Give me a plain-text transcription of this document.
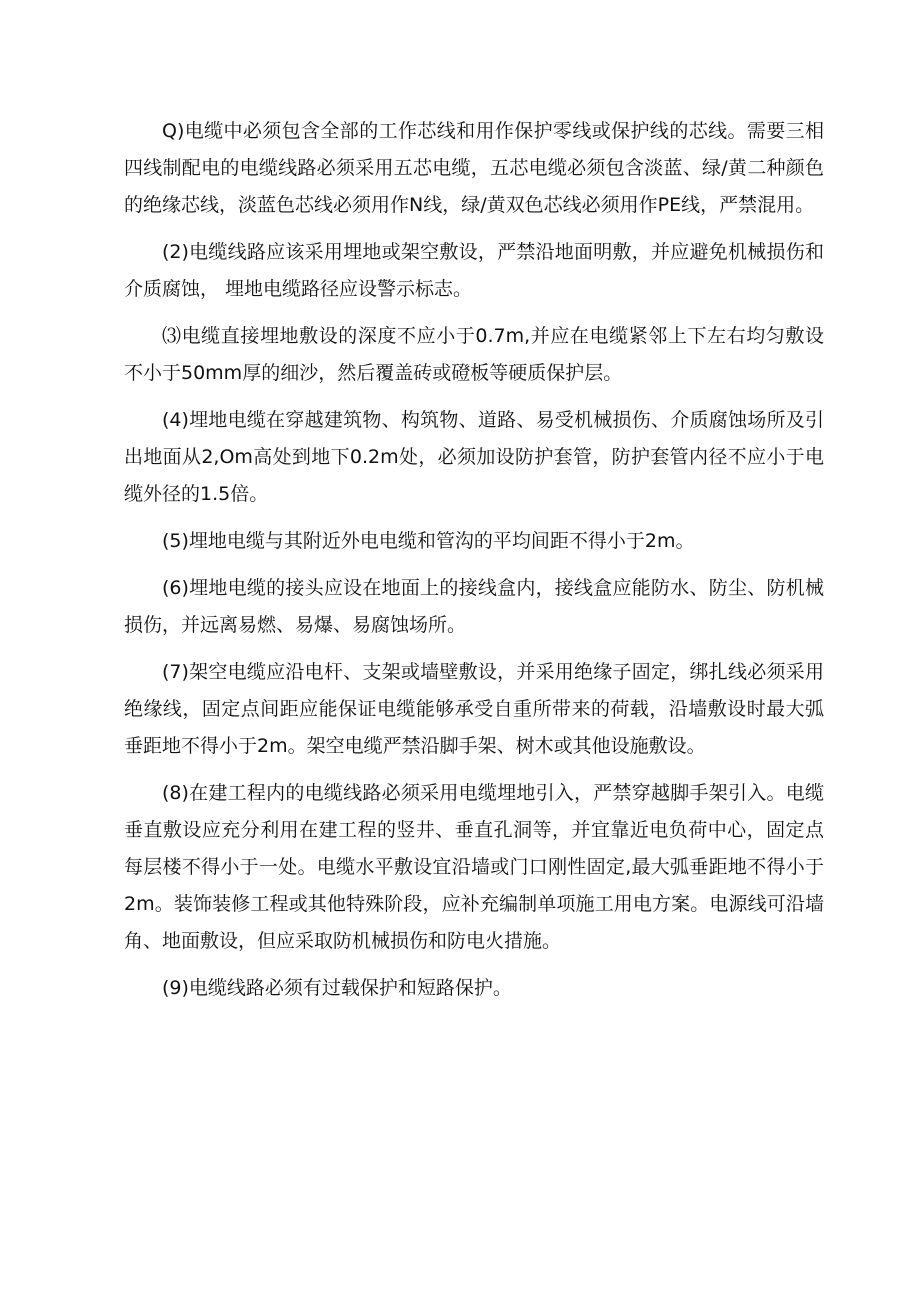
Q)电缆中必须包含全部的工作芯线和用作保护零线或保护线的芯线。需要三相四线制配电的电缆线路必须采用五芯电缆，五芯电缆必须包含淡蓝、绿/黄二种颜色的绝缘芯线，淡蓝色芯线必须用作N线，绿/黄双色芯线必须用作PE线，严禁混用。

(2)电缆线路应该采用埋地或架空敷设，严禁沿地面明敷，并应避免机械损伤和介质腐蚀， 埋地电缆路径应设警示标志。

⑶电缆直接埋地敷设的深度不应小于0.7m,并应在电缆紧邻上下左右均匀敷设不小于50mm厚的细沙，然后覆盖砖或磴板等硬质保护层。

(4)埋地电缆在穿越建筑物、构筑物、道路、易受机械损伤、介质腐蚀场所及引出地面从2,Om高处到地下0.2m处，必须加设防护套管，防护套管内径不应小于电缆外径的1.5倍。

(5)埋地电缆与其附近外电电缆和管沟的平均间距不得小于2m。

(6)埋地电缆的接头应设在地面上的接线盒内，接线盒应能防水、防尘、防机械损伤，并远离易燃、易爆、易腐蚀场所。

(7)架空电缆应沿电杆、支架或墙壁敷设，并采用绝缘子固定，绑扎线必须采用绝缘线，固定点间距应能保证电缆能够承受自重所带来的荷载，沿墙敷设时最大弧垂距地不得小于2m。架空电缆严禁沿脚手架、树木或其他设施敷设。

(8)在建工程内的电缆线路必须采用电缆埋地引入，严禁穿越脚手架引入。电缆垂直敷设应充分利用在建工程的竖井、垂直孔洞等，并宜靠近电负荷中心，固定点每层楼不得小于一处。电缆水平敷设宜沿墙或门口刚性固定,最大弧垂距地不得小于2m。装饰装修工程或其他特殊阶段，应补充编制单项施工用电方案。电源线可沿墙角、地面敷设，但应采取防机械损伤和防电火措施。

(9)电缆线路必须有过载保护和短路保护。
